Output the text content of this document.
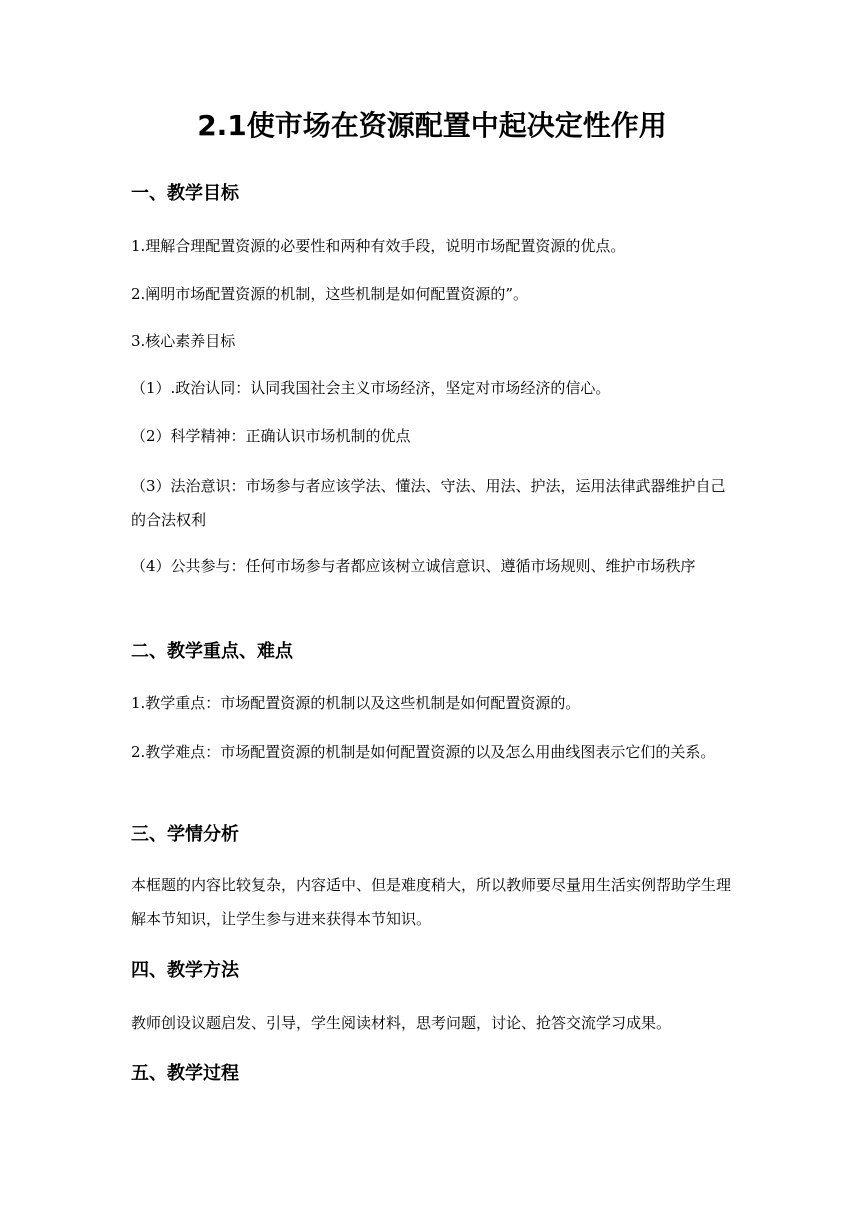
2.1使市场在资源配置中起决定性作用
一、教学目标
1.理解合理配置资源的必要性和两种有效手段，说明市场配置资源的优点。
2.阐明市场配置资源的机制，这些机制是如何配置资源的”。
3.核心素养目标
（1）.政治认同：认同我国社会主义市场经济，坚定对市场经济的信心。
（2）科学精神：正确认识市场机制的优点
（3）法治意识：市场参与者应该学法、懂法、守法、用法、护法，运用法律武器维护自己的合法权利
（4）公共参与：任何市场参与者都应该树立诚信意识、遵循市场规则、维护市场秩序
二、教学重点、难点
1.教学重点：市场配置资源的机制以及这些机制是如何配置资源的。
2.教学难点：市场配置资源的机制是如何配置资源的以及怎么用曲线图表示它们的关系。
三、学情分析
本框题的内容比较复杂，内容适中、但是难度稍大，所以教师要尽量用生活实例帮助学生理解本节知识，让学生参与进来获得本节知识。
四、教学方法
教师创设议题启发、引导，学生阅读材料，思考问题，讨论、抢答交流学习成果。
五、教学过程
